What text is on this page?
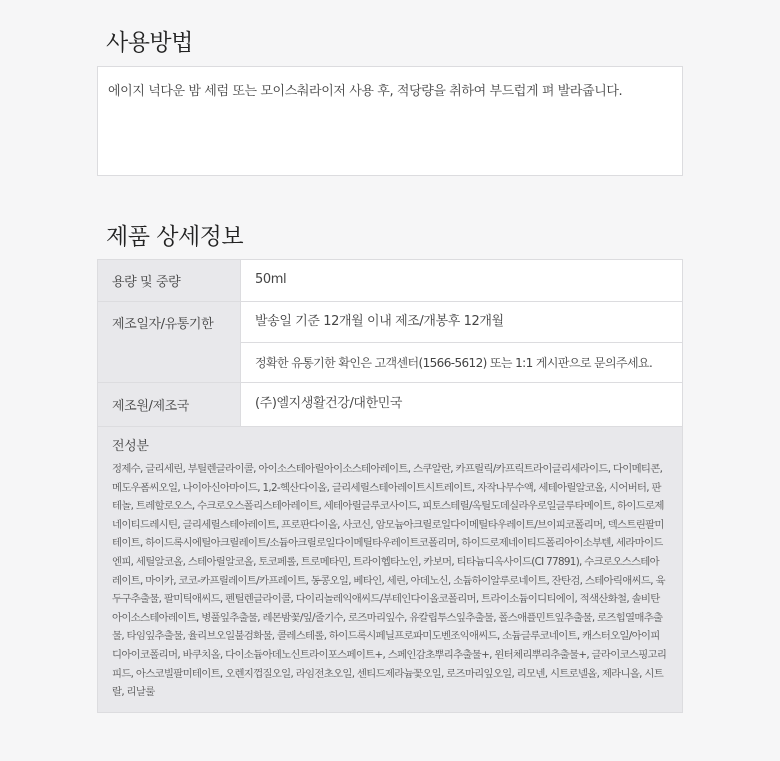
사용방법

에이지 넉다운 밤 세럼 또는 모이스춰라이저 사용 후, 적당량을 취하여 부드럽게 펴 발라줍니다.

제품 상세정보
용량 및 중량	50ml
제조일자/유통기한	발송일 기준 12개월 이내 제조/개봉후 12개월
정확한 유통기한 확인은 고객센터(1566-5612) 또는 1:1 게시판으로 문의주세요.
제조원/제조국	(주)엘지생활건강/대한민국
전성분

정제수, 글리세린, 부틸렌글라이콜, 아이소스테아릴아이소스테아레이트, 스쿠알란, 카프릴릭/카프릭트라이글리세라이드, 다이메티콘, 메도우폼씨오일, 나이아신아마이드, 1,2-헥산다이올, 글리세릴스테아레이트시트레이트, 자작나무수액, 세테아릴알코올, 시어버터, 판테놀, 트레할로오스, 수크로오스폴리스테아레이트, 세테아릴글루코사이드, 피토스테릴/옥틸도데실라우로일글루타메이트, 하이드로제네이티드레시틴, 글리세릴스테아레이트, 프로판다이올, 사코신, 암모늄아크릴로일다이메틸타우레이트/브이피코폴리머, 덱스트린팔미테이트, 하이드록시에틸아크릴레이트/소듐아크릴로일다이메틸타우레이트코폴리머, 하이드로제네이티드폴리아이소부텐, 세라마이드엔피, 세틸알코올, 스테아릴알코올, 토코페롤, 트로메타민, 트라이헵타노인, 카보머, 티타늄디옥사이드(CI 77891), 수크로오스스테아레이트, 마이카, 코코-카프릴레이트/카프레이트, 동콩오일, 베타인, 세린, 아데노신, 소듐하이알루로네이트, 잔탄검, 스테아릭애씨드, 육두구추출물, 팔미틱애씨드, 펜틸렌글라이콜, 다이리놀레익애씨드/부테인다이올코폴리머, 트라이소듐이디티에이, 적색산화철, 솔비탄아이소스테아레이트, 병풀잎추출물, 레몬밤꽃/잎/줄기수, 로즈마리잎수, 유칼립투스잎추출물, 폴스애플민트잎추출물, 로즈힙열매추출물, 타임잎추출물, 율리브오일불검화물, 콜레스테롤, 하이드록시페닐프로파미도벤조익애씨드, 소듐글루코네이트, 캐스터오일/아이피디아이코폴리머, 바쿠치올, 다이소듐아데노신트라이포스페이트+, 스페인감초뿌리추출물+, 윈터체리뿌리추출물+, 글라이코스핑고리피드, 아스코빌팔미테이트, 오렌지껍질오일, 라임전초오일, 센티드제라늄꽃오일, 로즈마리잎오일, 리모넨, 시트로넬올, 제라니올, 시트랄, 리날룰
